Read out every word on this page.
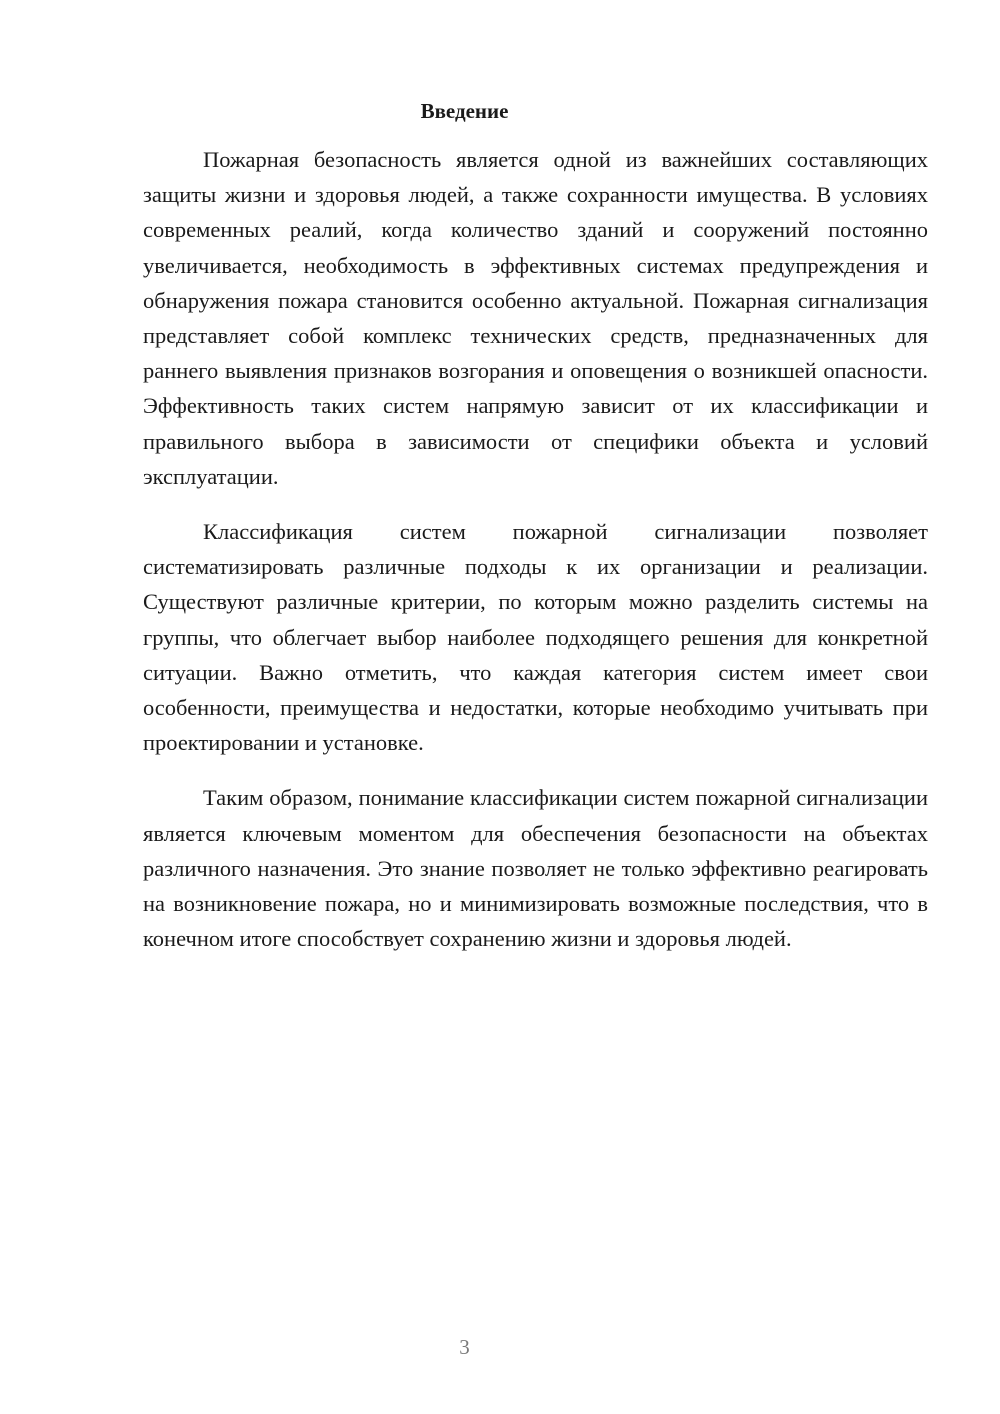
Введение

Пожарная безопасность является одной из важнейших составляющих защиты жизни и здоровья людей, а также сохранности имущества. В условиях современных реалий, когда количество зданий и сооружений постоянно увеличивается, необходимость в эффективных системах предупреждения и обнаружения пожара становится особенно актуальной. Пожарная сигнализация представляет собой комплекс технических средств, предназначенных для раннего выявления признаков возгорания и оповещения о возникшей опасности. Эффективность таких систем напрямую зависит от их классификации и правильного выбора в зависимости от специфики объекта и условий эксплуатации.

Классификация систем пожарной сигнализации позволяет систематизировать различные подходы к их организации и реализации. Существуют различные критерии, по которым можно разделить системы на группы, что облегчает выбор наиболее подходящего решения для конкретной ситуации. Важно отметить, что каждая категория систем имеет свои особенности, преимущества и недостатки, которые необходимо учитывать при проектировании и установке.

Таким образом, понимание классификации систем пожарной сигнализации является ключевым моментом для обеспечения безопасности на объектах различного назначения. Это знание позволяет не только эффективно реагировать на возникновение пожара, но и минимизировать возможные последствия, что в конечном итоге способствует сохранению жизни и здоровья людей.

3
